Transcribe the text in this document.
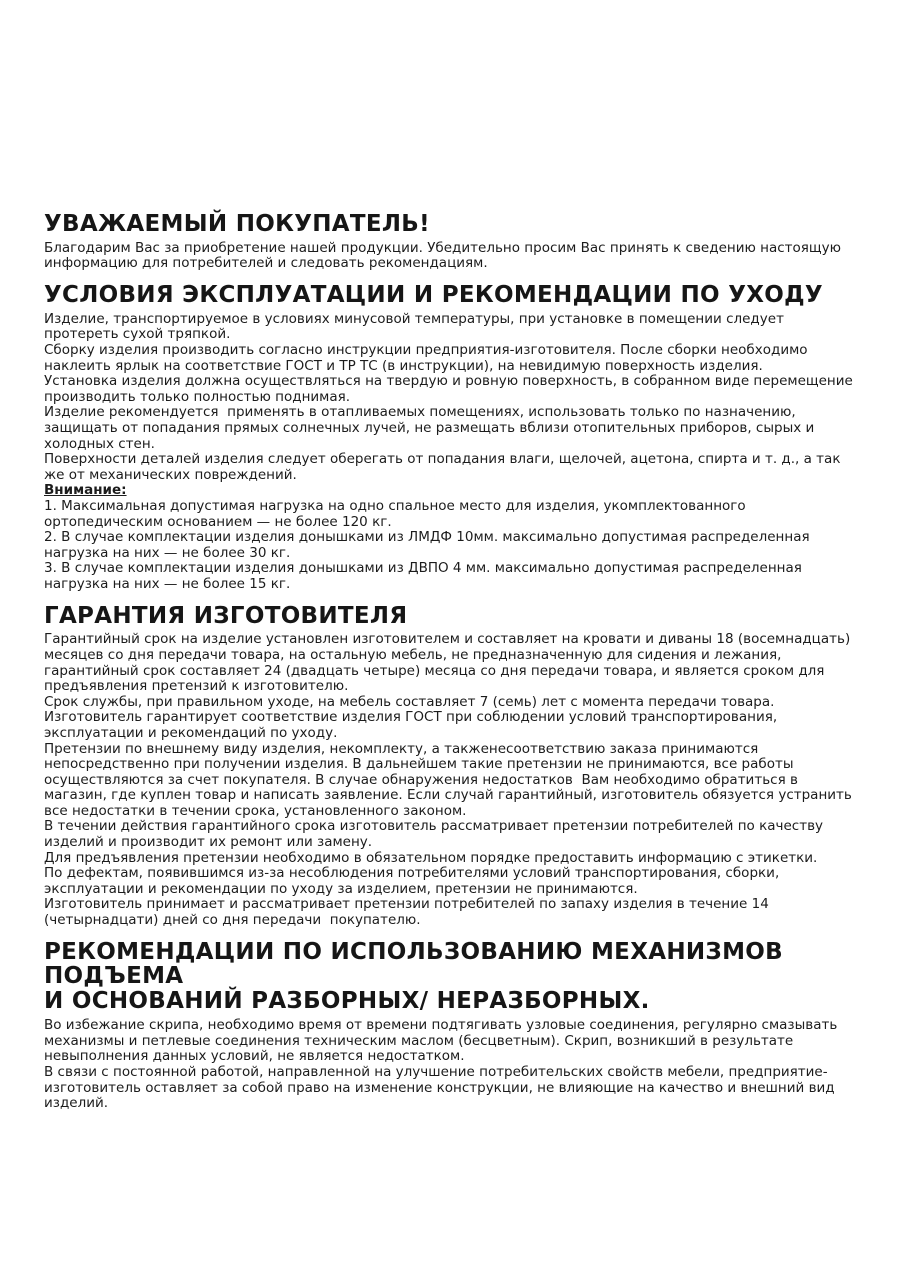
УВАЖАЕМЫЙ ПОКУПАТЕЛЬ!

Благодарим Вас за приобретение нашей продукции. Убедительно просим Вас принять к сведению настоящую информацию для потребителей и следовать рекомендациям.

УСЛОВИЯ ЭКСПЛУАТАЦИИ И РЕКОМЕНДАЦИИ ПО УХОДУ

Изделие, транспортируемое в условиях минусовой температуры, при установке в помещении следует протереть сухой тряпкой.

Сборку изделия производить согласно инструкции предприятия-изготовителя. После сборки необходимо наклеить ярлык на соответствие ГОСТ и ТР ТС (в инструкции), на невидимую поверхность изделия.

Установка изделия должна осуществляться на твердую и ровную поверхность, в собранном виде перемещение производить только полностью поднимая.

Изделие рекомендуется  применять в отапливаемых помещениях, использовать только по назначению, защищать от попадания прямых солнечных лучей, не размещать вблизи отопительных приборов, сырых и холодных стен.

Поверхности деталей изделия следует оберегать от попадания влаги, щелочей, ацетона, спирта и т. д., а так же от механических повреждений.

Внимание:

1. Максимальная допустимая нагрузка на одно спальное место для изделия, укомплектованного ортопедическим основанием — не более 120 кг.

2. В случае комплектации изделия донышками из ЛМДФ 10мм. максимально допустимая распределенная нагрузка на них — не более 30 кг.

3. В случае комплектации изделия донышками из ДВПО 4 мм. максимально допустимая распределенная нагрузка на них — не более 15 кг.

ГАРАНТИЯ ИЗГОТОВИТЕЛЯ

Гарантийный срок на изделие установлен изготовителем и составляет на кровати и диваны 18 (восемнадцать) месяцев со дня передачи товара, на остальную мебель, не предназначенную для сидения и лежания, гарантийный срок составляет 24 (двадцать четыре) месяца со дня передачи товара, и является сроком для предъявления претензий к изготовителю.

Срок службы, при правильном уходе, на мебель составляет 7 (семь) лет с момента передачи товара.

Изготовитель гарантирует соответствие изделия ГОСТ при соблюдении условий транспортирования, эксплуатации и рекомендаций по уходу.

Претензии по внешнему виду изделия, некомплекту, а такженесоответствию заказа принимаются непосредственно при получении изделия. В дальнейшем такие претензии не принимаются, все работы осуществляются за счет покупателя. В случае обнаружения недостатков  Вам необходимо обратиться в магазин, где куплен товар и написать заявление. Если случай гарантийный, изготовитель обязуется устранить все недостатки в течении срока, установленного законом.

В течении действия гарантийного срока изготовитель рассматривает претензии потребителей по качеству изделий и производит их ремонт или замену.

Для предъявления претензии необходимо в обязательном порядке предоставить информацию с этикетки.

По дефектам, появившимся из-за несоблюдения потребителями условий транспортирования, сборки, эксплуатации и рекомендации по уходу за изделием, претензии не принимаются.

Изготовитель принимает и рассматривает претензии потребителей по запаху изделия в течение 14 (четырнадцати) дней со дня передачи  покупателю.

РЕКОМЕНДАЦИИ ПО ИСПОЛЬЗОВАНИЮ МЕХАНИЗМОВ ПОДЪЕМА
И ОСНОВАНИЙ РАЗБОРНЫХ/ НЕРАЗБОРНЫХ.

Во избежание скрипа, необходимо время от времени подтягивать узловые соединения, регулярно смазывать механизмы и петлевые соединения техническим маслом (бесцветным). Скрип, возникший в результате невыполнения данных условий, не является недостатком.

В связи с постоянной работой, направленной на улучшение потребительских свойств мебели, предприятие-изготовитель оставляет за собой право на изменение конструкции, не влияющие на качество и внешний вид изделий.
